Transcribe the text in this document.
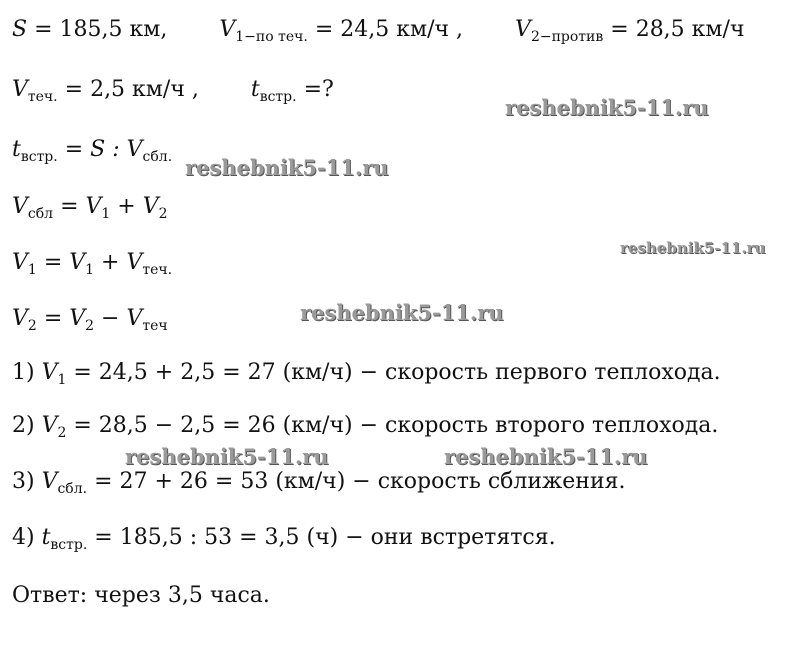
S = 185,5 км, $V_{1-по теч.} = 24,5$ км/ч , $V_{2-против} = 28,5$ км/ч
$V_{теч.} = 2,5$ км/ч , $t_{встр.}$ =?
$t_{встр.} = S$ : $V_{сбл.}$
$V_{сбл} = V_1 + V_2$
$V_1 = V_1 + V_{теч.}$
$V_2 = V_2 - V_{теч}$
1) $V_1 = 24,5 + 2,5 = 27$ (км/ч) − скорость первого теплохода.
2) $V_2 = 28,5 - 2,5 = 26$ (км/ч) − скорость второго теплохода.
3) $V_{сбл.} = 27 + 26 = 53$ (км/ч) − скорость сближения.
4) $t_{встр.} = 185,5$ : 53 = 3,5 (ч) − они встретятся.
Ответ: через 3,5 часа.
reshebnik5-11.ru
reshebnik5-11.ru
reshebnik5-11.ru
reshebnik5-11.ru
reshebnik5-11.ru	reshebnik5-11.ru
